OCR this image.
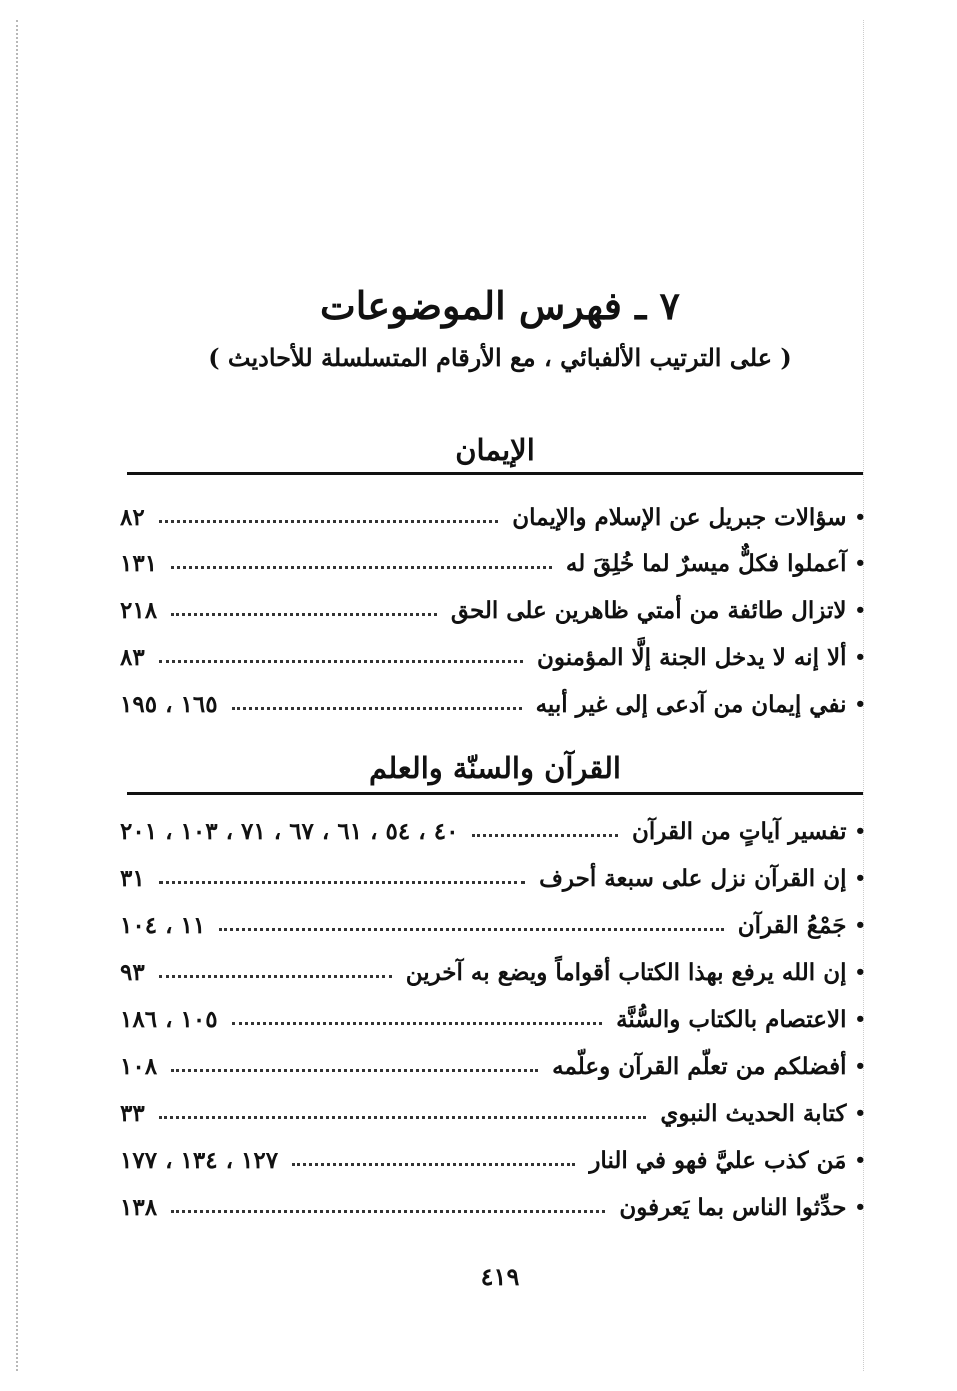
٧ ـ فهرس الموضوعات
( على الترتيب الألفبائي ، مع الأرقام المتسلسلة للأحاديث )
الإيمان
•
سؤالات جبريل عن الإسلام والإيمان
٨٢
•
آعملوا فكلٌّ ميسرٌ لما خُلِقَ له
١٣١
•
لاتزال طائفة من أمتي ظاهرين على الحق
٢١٨
•
ألا إنه لا يدخل الجنة إلَّا المؤمنون
٨٣
•
نفي إيمان من آدعى إلى غير أبيه
١٦٥ ، ١٩٥
القرآن والسنّة والعلم
•
تفسير آياتٍ من القرآن
٤٠ ، ٥٤ ، ٦١ ، ٦٧ ، ٧١ ، ١٠٣ ، ٢٠١
•
إن القرآن نزل على سبعة أحرف
٣١
•
جَمْعُ القرآن
١١ ، ١٠٤
•
إن الله يرفع بهذا الكتاب أقواماً ويضع به آخرين
٩٣
•
الاعتصام بالكتاب والسُّنَّة
١٠٥ ، ١٨٦
•
أفضلكم من تعلّم القرآن وعلّمه
١٠٨
•
كتابة الحديث النبوي
٣٣
•
مَن كذب عليَّ فهو في النار
١٢٧ ، ١٣٤ ، ١٧٧
•
حدِّثوا الناس بما يَعرفون
١٣٨
٤١٩
